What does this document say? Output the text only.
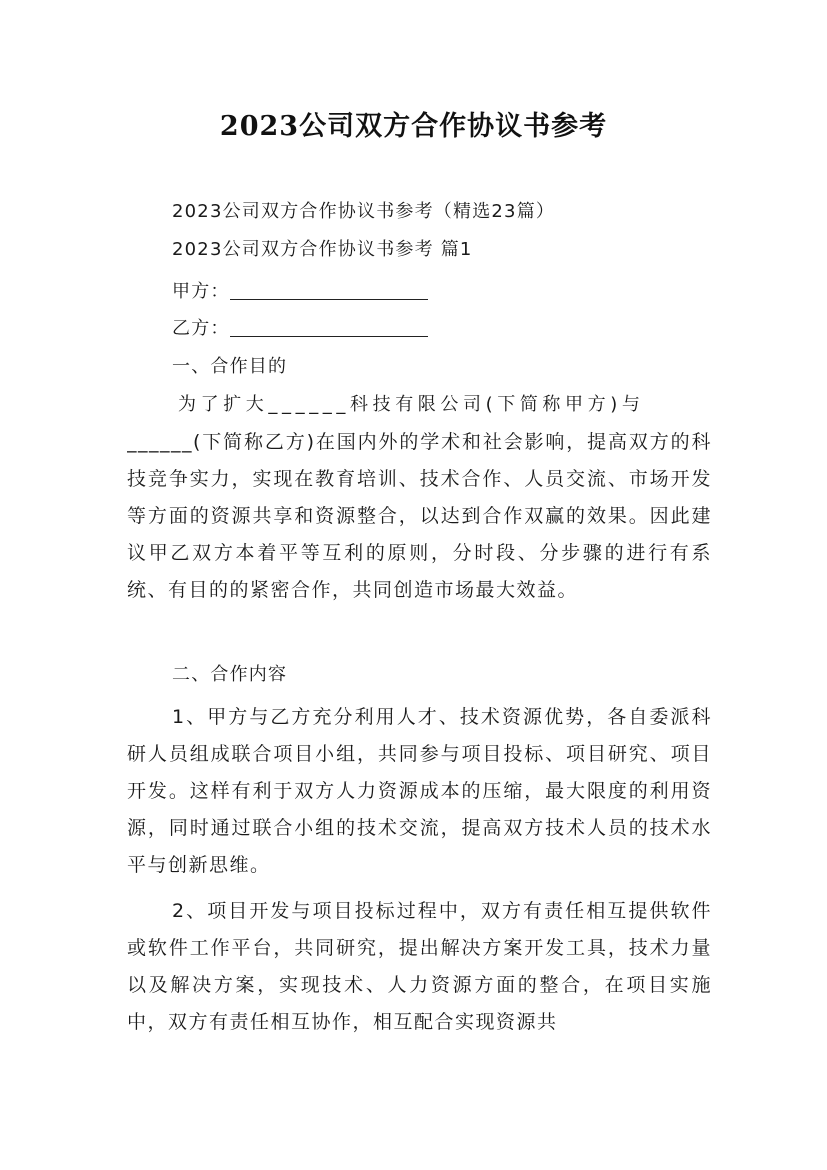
2023公司双方合作协议书参考
2023公司双方合作协议书参考（精选23篇）
2023公司双方合作协议书参考 篇1
甲方：
乙方：
一、合作目的
为了扩大______科技有限公司(下简称甲方)与
______(下简称乙方)在国内外的学术和社会影响，提高双方的科技竞争实力，实现在教育培训、技术合作、人员交流、市场开发等方面的资源共享和资源整合，以达到合作双赢的效果。因此建议甲乙双方本着平等互利的原则，分时段、分步骤的进行有系统、有目的的紧密合作，共同创造市场最大效益。
二、合作内容
1、甲方与乙方充分利用人才、技术资源优势，各自委派科研人员组成联合项目小组，共同参与项目投标、项目研究、项目开发。这样有利于双方人力资源成本的压缩，最大限度的利用资源，同时通过联合小组的技术交流，提高双方技术人员的技术水平与创新思维。
2、项目开发与项目投标过程中，双方有责任相互提供软件或软件工作平台，共同研究，提出解决方案开发工具，技术力量以及解决方案，实现技术、人力资源方面的整合，在项目实施中，双方有责任相互协作，相互配合实现资源共
